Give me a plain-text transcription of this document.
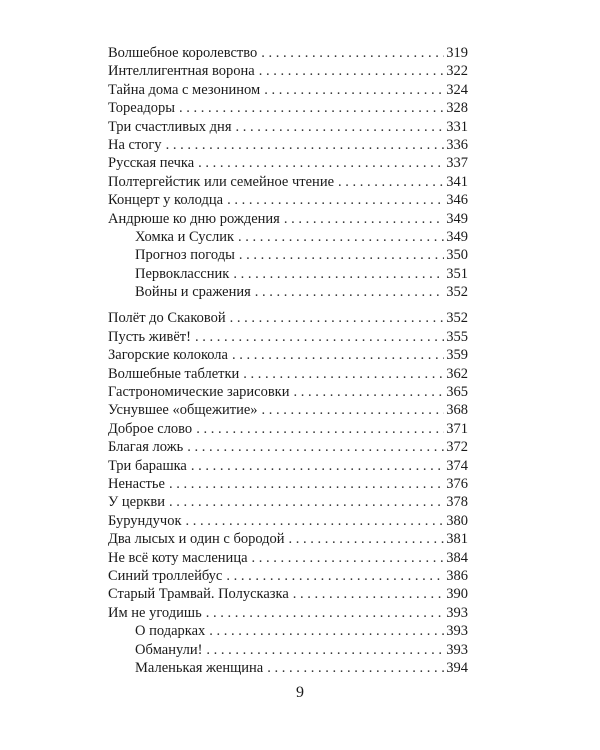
Волшебное королевство . . .	319
Интеллигентная ворона . . .	322
Тайна дома с мезонином . . .	324
Тореадоры . . .	328
Три счастливых дня . . .	331
На стогу . . .	336
Русская печка . . .	337
Полтергейстик или семейное чтение . . .	341
Концерт у колодца . . .	346
Андрюше ко дню рождения . . .	349
Хомка и Суслик . . .	349
Прогноз погоды . . .	350
Первоклассник . . .	351
Войны и сражения . . .	352
Полёт до Скаковой . . .	352
Пусть живёт! . . .	355
Загорские колокола . . .	359
Волшебные таблетки . . .	362
Гастрономические зарисовки . . .	365
Уснувшее «общежитие» . . .	368
Доброе слово . . .	371
Благая ложь . . .	372
Три барашка . . .	374
Ненастье . . .	376
У церкви . . .	378
Бурундучок . . .	380
Два лысых и один с бородой . . .	381
Не всё коту масленица . . .	384
Синий троллейбус . . .	386
Старый Трамвай. Полусказка . . .	390
Им не угодишь . . .	393
О подарках . . .	393
Обманули! . . .	393
Маленькая женщина . . .	394
9
